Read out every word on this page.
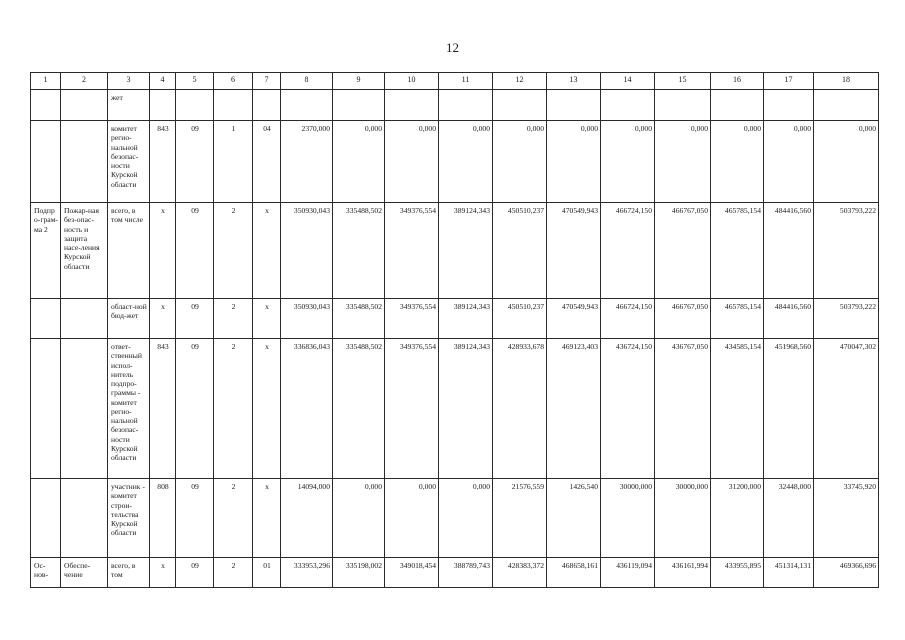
12
1	2	3	4	5	6	7	8	9	10	11	12	13	14	15	16	17	18
		жет															
		комитет регио-нальной безопас-ности Курской области	843	09	1	04	2370,000	0,000	0,000	0,000	0,000	0,000	0,000	0,000	0,000	0,000	0,000
Подпро-грам-ма 2	Пожар-ная без-опас-ность и защита насе-ления Курской области	всего, в том числе	x	09	2	x	350930,043	335488,502	349376,554	389124,343	450510,237	470549,943	466724,150	466767,050	465785,154	484416,560	503793,222
		област-ной бюд-жет	x	09	2	x	350930,043	335488,502	349376,554	389124,343	450510,237	470549,943	466724,150	466767,050	465785,154	484416,560	503793,222
		ответ-ственный испол-нитель подпро-граммы - комитет регио-нальной безопас-ности Курской области	843	09	2	x	336836,043	335488,502	349376,554	389124,343	428933,678	469123,403	436724,150	436767,050	434585,154	451968,560	470047,302
		участник - комитет строи-тельства Курской области	808	09	2	x	14094,000	0,000	0,000	0,000	21576,559	1426,540	30000,000	30000,000	31200,000	32448,000	33745,920
Ос-нов-	Обеспе-чение	всего, в том	x	09	2	01	333953,296	335198,002	349018,454	388789,743	428383,372	468658,161	436119,094	436161,994	433955,895	451314,131	469366,696
